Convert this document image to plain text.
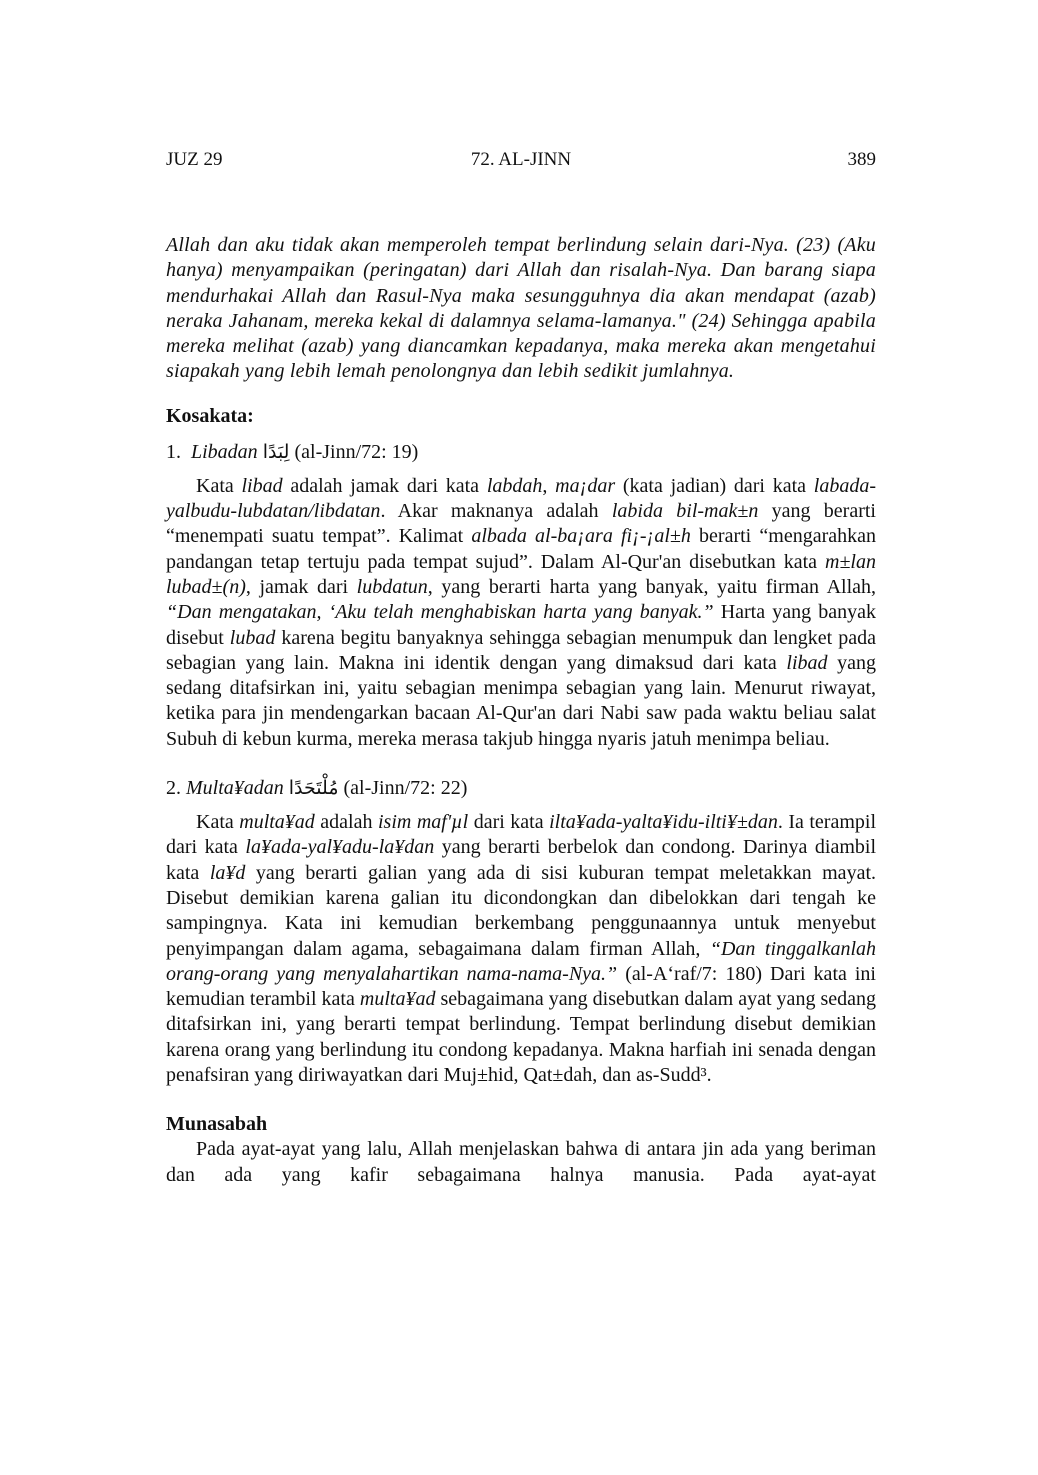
JUZ 29	72. AL-JINN	389

Allah dan aku tidak akan memperoleh tempat berlindung selain dari-Nya. (23) (Aku hanya) menyampaikan (peringatan) dari Allah dan risalah-Nya. Dan barang siapa mendurhakai Allah dan Rasul-Nya maka sesungguhnya dia akan mendapat (azab) neraka Jahanam, mereka kekal di dalamnya selama-lamanya." (24) Sehingga apabila mereka melihat (azab) yang diancamkan kepadanya, maka mereka akan mengetahui siapakah yang lebih lemah penolongnya dan lebih sedikit jumlahnya.

Kosakata:
1. Libadan لِبَدًا (al-Jinn/72: 19)

Kata libad adalah jamak dari kata labdah, ma¡dar (kata jadian) dari kata labada-yalbudu-lubdatan/libdatan. Akar maknanya adalah labida bil-mak±n yang berarti “menempati suatu tempat”. Kalimat albada al-ba¡ara fi¡-¡al±h berarti “mengarahkan pandangan tetap tertuju pada tempat sujud”. Dalam Al-Qur'an disebutkan kata m±lan lubad±(n), jamak dari lubdatun, yang berarti harta yang banyak, yaitu firman Allah, “Dan mengatakan, ‘Aku telah menghabiskan harta yang banyak.” Harta yang banyak disebut lubad karena begitu banyaknya sehingga sebagian menumpuk dan lengket pada sebagian yang lain. Makna ini identik dengan yang dimaksud dari kata libad yang sedang ditafsirkan ini, yaitu sebagian menimpa sebagian yang lain. Menurut riwayat, ketika para jin mendengarkan bacaan Al-Qur'an dari Nabi saw pada waktu beliau salat Subuh di kebun kurma, mereka merasa takjub hingga nyaris jatuh menimpa beliau.

2. Multa¥adan مُلْتَحَدًا (al-Jinn/72: 22)

Kata multa¥ad adalah isim maf'µl dari kata ilta¥ada-yalta¥idu-ilti¥±dan. Ia terampil dari kata la¥ada-yal¥adu-la¥dan yang berarti berbelok dan condong. Darinya diambil kata la¥d yang berarti galian yang ada di sisi kuburan tempat meletakkan mayat. Disebut demikian karena galian itu dicondongkan dan dibelokkan dari tengah ke sampingnya. Kata ini kemudian berkembang penggunaannya untuk menyebut penyimpangan dalam agama, sebagaimana dalam firman Allah, “Dan tinggalkanlah orang-orang yang menyalahartikan nama-nama-Nya.” (al-A‘raf/7: 180) Dari kata ini kemudian terambil kata multa¥ad sebagaimana yang disebutkan dalam ayat yang sedang ditafsirkan ini, yang berarti tempat berlindung. Tempat berlindung disebut demikian karena orang yang berlindung itu condong kepadanya. Makna harfiah ini senada dengan penafsiran yang diriwayatkan dari Muj±hid, Qat±dah, dan as-Sudd³.

Munasabah

Pada ayat-ayat yang lalu, Allah menjelaskan bahwa di antara jin ada yang beriman dan ada yang kafir sebagaimana halnya manusia. Pada ayat-ayat
